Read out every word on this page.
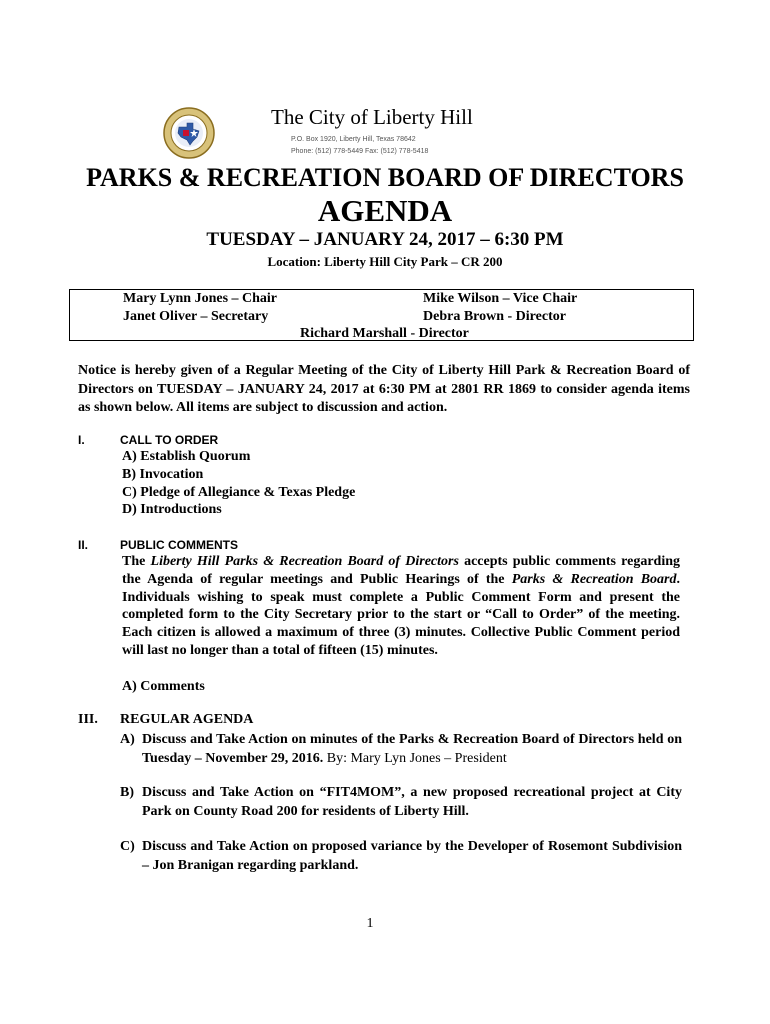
The City of Liberty Hill
P.O. Box 1920, Liberty Hill, Texas 78642
Phone: (512) 778-5449 Fax: (512) 778-5418
PARKS & RECREATION BOARD OF DIRECTORS
AGENDA
TUESDAY – JANUARY 24, 2017 – 6:30 PM
Location: Liberty Hill City Park – CR 200
Mary Lynn Jones – Chair	Mike Wilson – Vice Chair
Janet Oliver – Secretary	Debra Brown - Director
Richard Marshall - Director
Notice is hereby given of a Regular Meeting of the City of Liberty Hill Park & Recreation Board of Directors on TUESDAY – JANUARY 24, 2017 at 6:30 PM at 2801 RR 1869 to consider agenda items as shown below. All items are subject to discussion and action.
I.	CALL TO ORDER
A) Establish Quorum
B) Invocation
C) Pledge of Allegiance & Texas Pledge
D) Introductions
II.	PUBLIC COMMENTS
The Liberty Hill Parks & Recreation Board of Directors accepts public comments regarding the Agenda of regular meetings and Public Hearings of the Parks & Recreation Board. Individuals wishing to speak must complete a Public Comment Form and present the completed form to the City Secretary prior to the start or “Call to Order” of the meeting. Each citizen is allowed a maximum of three (3) minutes. Collective Public Comment period will last no longer than a total of fifteen (15) minutes.
A) Comments
III. REGULAR AGENDA
A) Discuss and Take Action on minutes of the Parks & Recreation Board of Directors held on Tuesday – November 29, 2016. By: Mary Lyn Jones – President
B) Discuss and Take Action on “FIT4MOM”, a new proposed recreational project at City Park on County Road 200 for residents of Liberty Hill.
C) Discuss and Take Action on proposed variance by the Developer of Rosemont Subdivision – Jon Branigan regarding parkland.
1
